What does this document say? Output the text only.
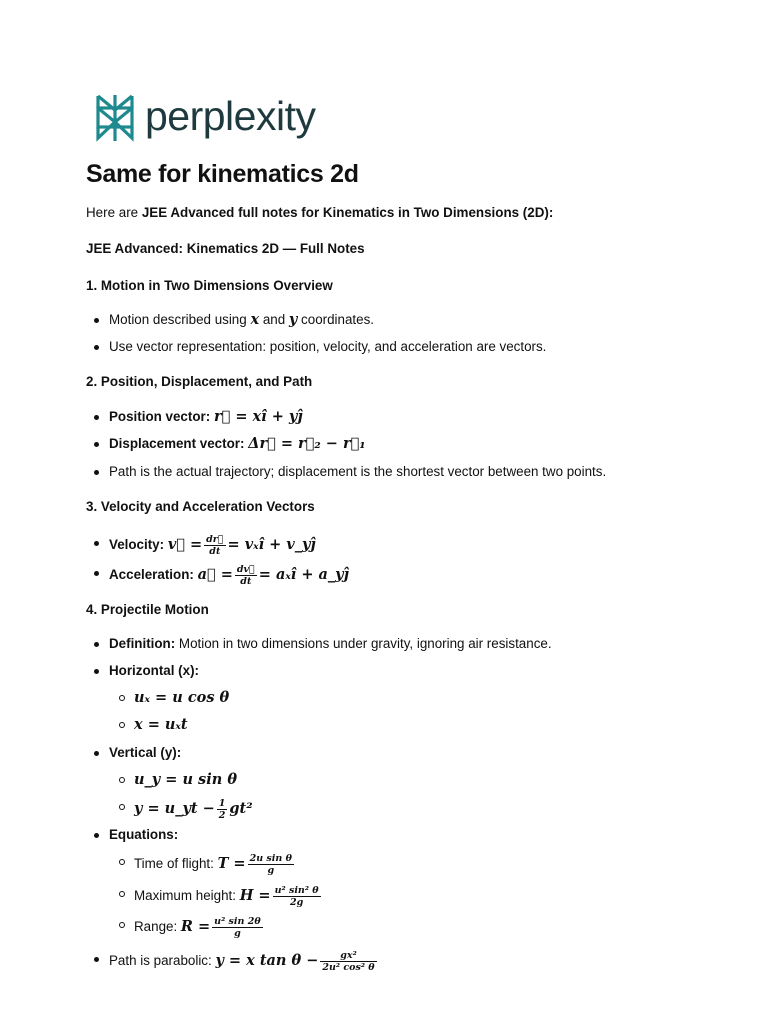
perplexity
Same for kinematics 2d
Here are JEE Advanced full notes for Kinematics in Two Dimensions (2D):
JEE Advanced: Kinematics 2D — Full Notes
1. Motion in Two Dimensions Overview
Motion described using x and y coordinates.
Use vector representation: position, velocity, and acceleration are vectors.
2. Position, Displacement, and Path
Position vector: r⃗ = xî + yĵ
Displacement vector: Δr⃗ = r⃗₂ − r⃗₁
Path is the actual trajectory; displacement is the shortest vector between two points.
3. Velocity and Acceleration Vectors
Velocity: v⃗ = $\frac{dr⃗}{dt}$ = vₓî + v_yĵ
Acceleration: a⃗ = $\frac{dv⃗}{dt}$ = aₓî + a_yĵ
4. Projectile Motion
Definition: Motion in two dimensions under gravity, ignoring air resistance.
Horizontal (x):
uₓ = u cos θ
x = uₓt
Vertical (y):
u_y = u sin θ
y = u_yt − $\frac{1}{2} gt^2$
Equations:
Time of flight: $T = \frac{\text{2u sin θ}}{g}$
Maximum height: $H = \frac{\text{u² sin² θ}}{2g}$
Range: $R = \frac{\text{u² sin 2θ}}{g}$
Path is parabolic: y = x $\tan \theta - \frac{\text{gx²}}{\text{2u² cos² θ}}$
